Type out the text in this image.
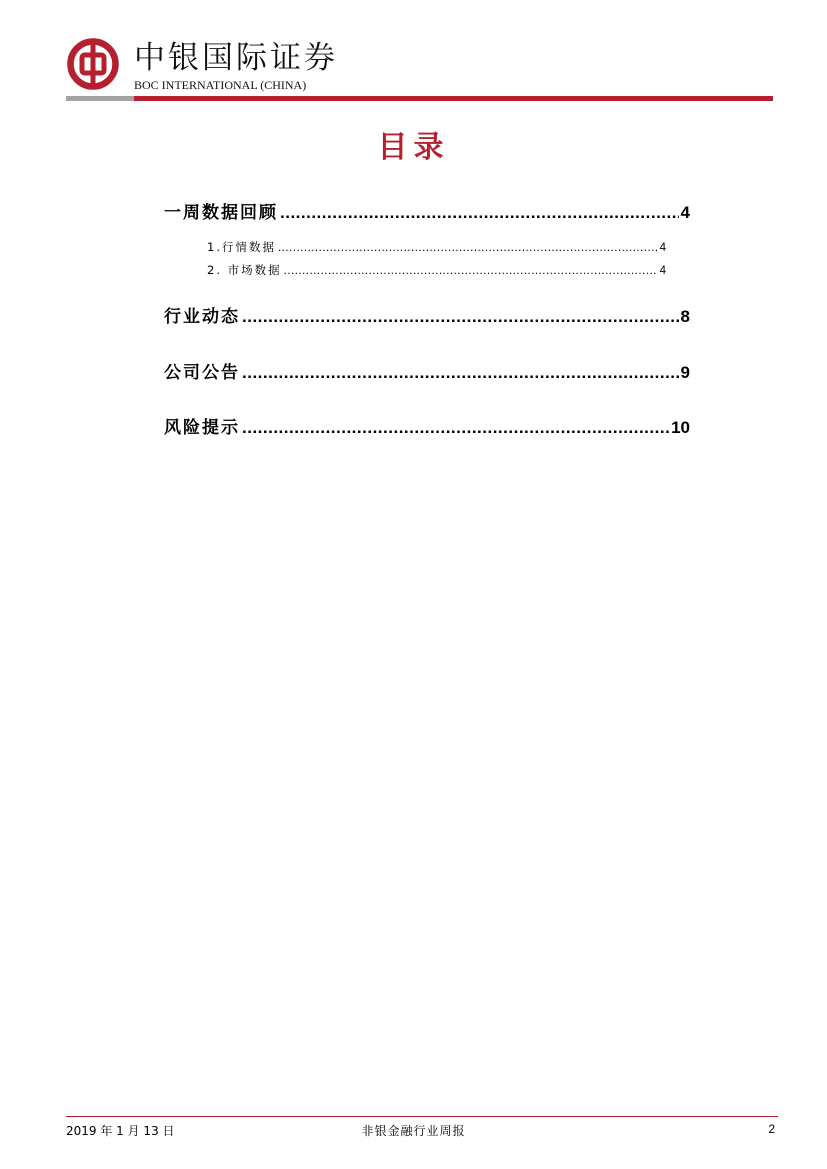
中银国际证券
BOC INTERNATIONAL (CHINA)
目录
一周数据回顾 .....	4
1.行情数据 .....	4
2. 市场数据 .....	4
行业动态 .....	8
公司公告 .....	9
风险提示 .....	10
2019 年 1 月 13 日	非银金融行业周报	2
